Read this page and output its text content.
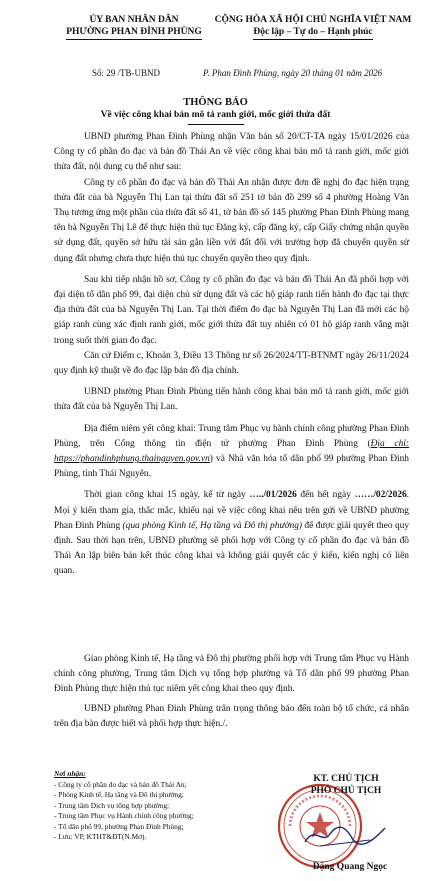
ỦY BAN NHÂN DÂN
PHƯỜNG PHAN ĐÌNH PHÙNG
CỘNG HÒA XÃ HỘI CHỦ NGHĨA VIỆT NAM
Độc lập – Tự do – Hạnh phúc
Số: 29 /TB-UBND	P. Phan Đình Phùng, ngày 20 tháng 01 năm 2026
THÔNG BÁO
Về việc công khai bản mô tả ranh giới, mốc giới thửa đất

UBND phường Phan Đình Phùng nhận Văn bản số 20/CT-TA ngày 15/01/2026 của Công ty cổ phần đo đạc và bản đồ Thái An về việc công khai bản mô tả ranh giới, mốc giới thửa đất, nội dung cụ thể như sau:

Công ty cổ phần đo đạc và bản đồ Thái An nhận được đơn đề nghị đo đạc hiện trạng thửa đất của bà Nguyễn Thị Lan tại thửa đất số 251 tờ bản đồ 299 số 4 phường Hoàng Văn Thụ tương ứng một phần của thửa đất số 41, tờ bản đồ số 145 phường Phan Đình Phùng mang tên bà Nguyễn Thị Lê để thực hiện thủ tục Đăng ký, cấp đăng ký, cấp Giấy chứng nhận quyền sử dụng đất, quyền sở hữu tài sản gắn liền với đất đối với trường hợp đã chuyển quyền sử dụng đất nhưng chưa thực hiện thủ tục chuyển quyền theo quy định.

Sau khi tiếp nhận hồ sơ, Công ty cổ phần đo đạc và bản đồ Thái An đã phối hợp với đại diện tổ dân phố 99, đại diện chủ sử dụng đất và các hộ giáp ranh tiến hành đo đạc tại thực địa thửa đất của bà Nguyễn Thị Lan. Tại thời điểm đo đạc bà Nguyễn Thị Lan đã mời các hộ giáp ranh cùng xác định ranh giới, mốc giới thửa đất tuy nhiên có 01 hộ giáp ranh vắng mặt trong suốt thời gian đo đạc.

Căn cứ Điểm c, Khoản 3, Điều 13 Thông tư số 26/2024/TT-BTNMT ngày 26/11/2024 quy định kỹ thuật về đo đạc lập bản đồ địa chính.

UBND phường Phan Đình Phùng tiến hành công khai bản mô tả ranh giới, mốc giới thửa đất của bà Nguyễn Thị Lan.

Địa điểm niêm yết công khai: Trung tâm Phục vụ hành chính công phường Phan Đình Phùng, trên Cổng thông tin điện tử phường Phan Đình Phùng (Địa chỉ: https://phandinhphung.thainguyen.gov.vn) và Nhà văn hóa tổ dân phố 99 phường Phan Đình Phùng, tỉnh Thái Nguyên.

Thời gian công khai 15 ngày, kể từ ngày …../01/2026 đến hết ngày ……/02/2026. Mọi ý kiến tham gia, thắc mắc, khiếu nại về việc công khai nêu trên gửi về UBND phường Phan Đình Phùng (qua phòng Kinh tế, Hạ tầng và Đô thị phường) để được giải quyết theo quy định. Sau thời hạn trên, UBND phường sẽ phối hợp với Công ty cổ phần đo đạc và bản đồ Thái An lập biên bản kết thúc công khai và không giải quyết các ý kiến, kiến nghị có liên quan.

Giao phòng Kinh tế, Hạ tầng và Đô thị phường phối hợp với Trung tâm Phục vụ Hành chính công phường, Trung tâm Dịch vụ tổng hợp phường và Tổ dân phố 99 phường Phan Đình Phùng thực hiện thủ tục niêm yết công khai theo quy định.

UBND phường Phan Đình Phùng trân trọng thông báo đến toàn bộ tổ chức, cá nhân trên địa bàn được biết và phối hợp thực hiện./.

Nơi nhận:
- Công ty cổ phần đo đạc và bản đồ Thái An;
- Phòng Kinh tế, Hạ tầng và Đô thị phường;
- Trung tâm Dịch vụ tổng hợp phường;
- Trung tâm Phục vụ Hành chính công phường;
- Tổ dân phố 99, phường Phan Đình Phùng;
- Lưu: VP, KTHT&ĐT(N.Mơ).
KT. CHỦ TỊCH
PHÓ CHỦ TỊCH
Đặng Quang Ngọc
